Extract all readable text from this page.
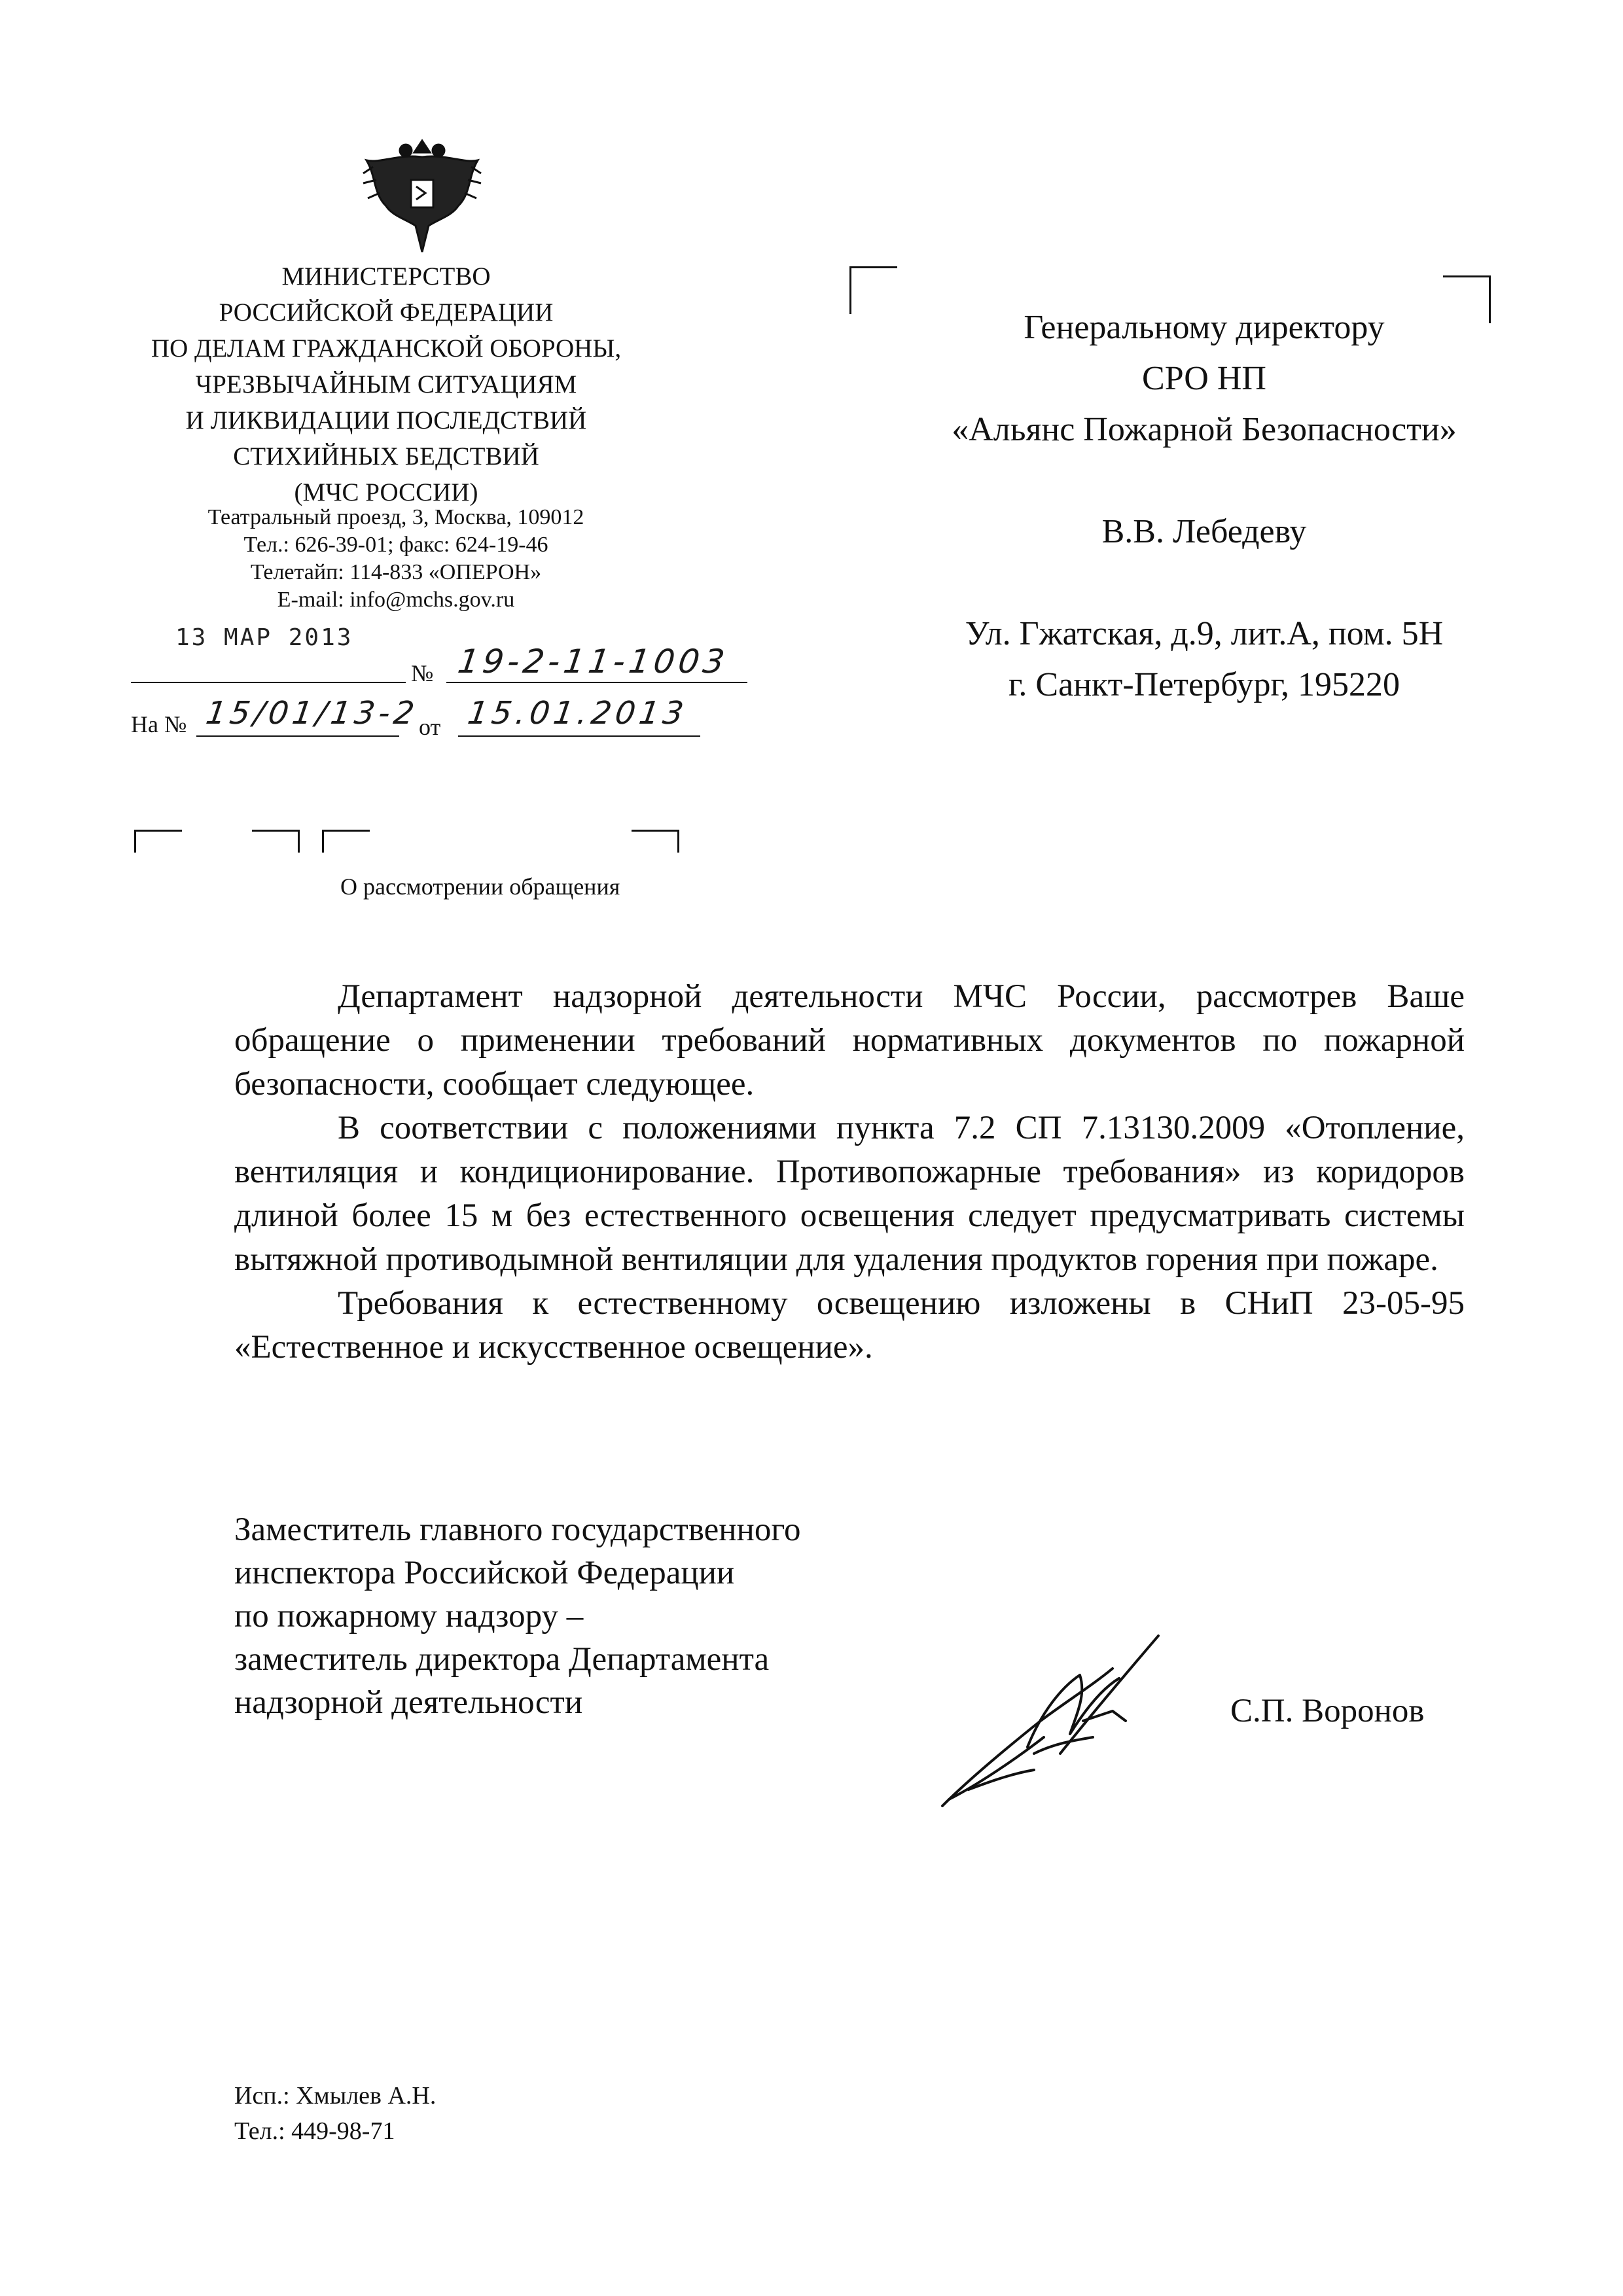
МИНИСТЕРСТВО
РОССИЙСКОЙ ФЕДЕРАЦИИ
ПО ДЕЛАМ ГРАЖДАНСКОЙ ОБОРОНЫ,
ЧРЕЗВЫЧАЙНЫМ СИТУАЦИЯМ
И ЛИКВИДАЦИИ ПОСЛЕДСТВИЙ
СТИХИЙНЫХ БЕДСТВИЙ
(МЧС РОССИИ)
Театральный проезд, 3, Москва, 109012
Тел.: 626-39-01; факс: 624-19-46
Телетайп: 114-833 «ОПЕРОН»
E-mail: info@mchs.gov.ru
13 МАР 2013
№ 19-2-11-1003
На № 15/01/13-2
от 15.01.2013
Генеральному директору
СРО НП
«Альянс Пожарной Безопасности»
В.В. Лебедеву
Ул. Гжатская, д.9, лит.А, пом. 5Н
г. Санкт-Петербург, 195220
О рассмотрении обращения

Департамент надзорной деятельности МЧС России, рассмотрев Ваше обращение о применении требований нормативных документов по пожарной безопасности, сообщает следующее.

В соответствии с положениями пункта 7.2 СП 7.13130.2009 «Отопление, вентиляция и кондиционирование. Противопожарные требования» из коридоров длиной более 15 м без естественного освещения следует предусматривать системы вытяжной противодымной вентиляции для удаления продуктов горения при пожаре.

Требования к естественному освещению изложены в СНиП 23-05-95 «Естественное и искусственное освещение».

Заместитель главного государственного
инспектора Российской Федерации
по пожарному надзору –
заместитель директора Департамента
надзорной деятельности	С.П. Воронов
Исп.: Хмылев А.Н.
Тел.: 449-98-71
